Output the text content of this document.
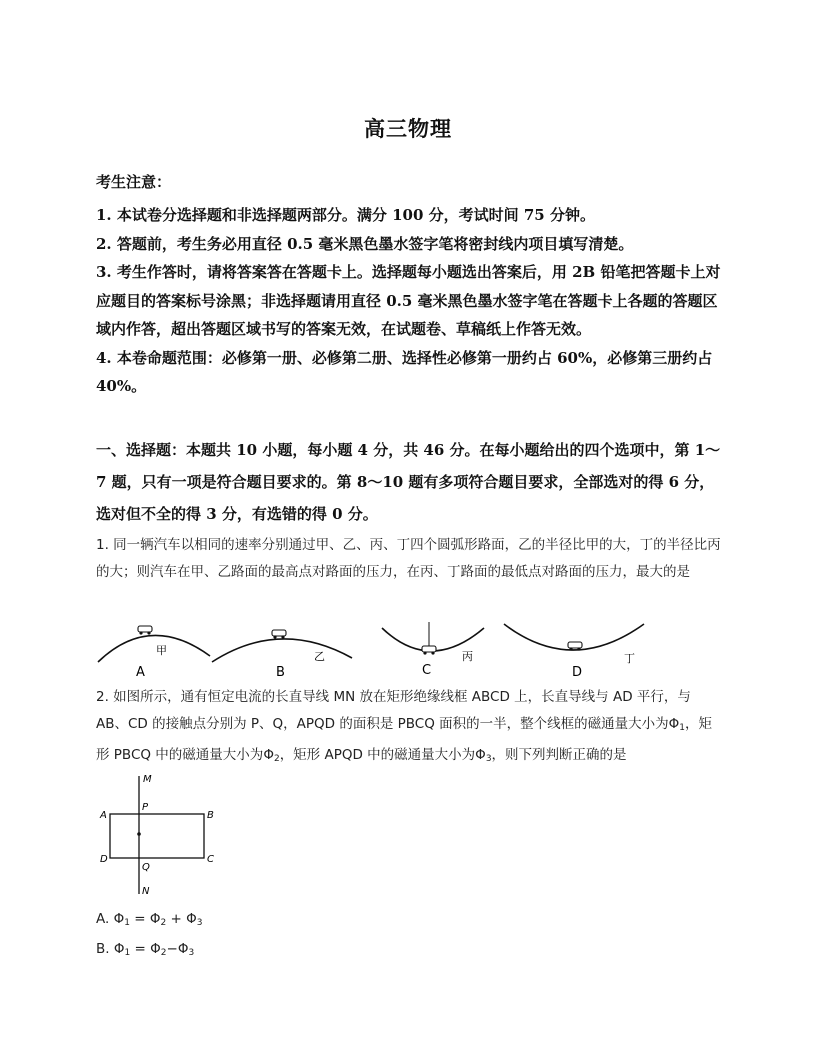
高三物理
考生注意：

1. 本试卷分选择题和非选择题两部分。满分 100 分，考试时间 75 分钟。

2. 答题前，考生务必用直径 0.5 毫米黑色墨水签字笔将密封线内项目填写清楚。

3. 考生作答时，请将答案答在答题卡上。选择题每小题选出答案后，用 2B 铅笔把答题卡上对应题目的答案标号涂黑；非选择题请用直径 0.5 毫米黑色墨水签字笔在答题卡上各题的答题区域内作答，超出答题区域书写的答案无效，在试题卷、草稿纸上作答无效。

4. 本卷命题范围：必修第一册、必修第二册、选择性必修第一册约占 60%，必修第三册约占 40%。

一、选择题：本题共 10 小题，每小题 4 分，共 46 分。在每小题给出的四个选项中，第 1～7 题，只有一项是符合题目要求的。第 8～10 题有多项符合题目要求，全部选对的得 6 分，选对但不全的得 3 分，有选错的得 0 分。

1. 同一辆汽车以相同的速率分别通过甲、乙、丙、丁四个圆弧形路面，乙的半径比甲的大，丁的半径比丙的大；则汽车在甲、乙路面的最高点对路面的压力，在丙、丁路面的最低点对路面的压力，最大的是

A
甲
B
乙
C
丙
D
丁

2. 如图所示，通有恒定电流的长直导线 MN 放在矩形绝缘线框 ABCD 上，长直导线与 AD 平行，与 AB、CD 的接触点分别为 P、Q，APQD 的面积是 PBCQ 面积的一半，整个线框的磁通量大小为$\Phi_1$，矩形 PBCQ 中的磁通量大小为$\Phi_2$，矩形 APQD 中的磁通量大小为$\Phi_3$，则下列判断正确的是

M
P
Q
N
A	B
C
D
A. $\Phi_1 = \Phi_2 + \Phi_3$
B. $\Phi_1 = \Phi_2-\Phi_3$
